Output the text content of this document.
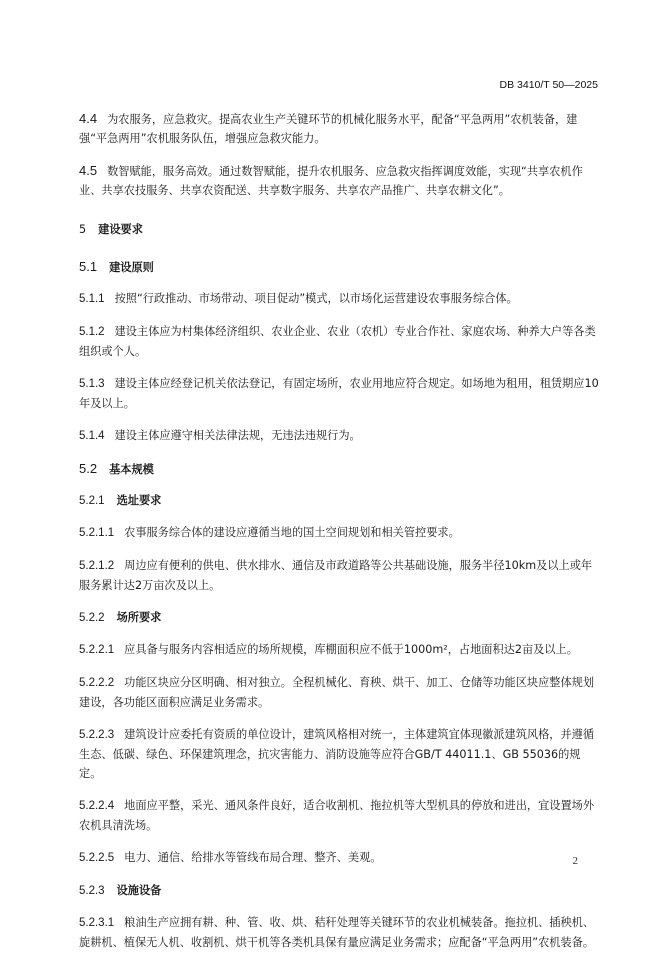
DB 3410/T 50—2025

4.4 为农服务，应急救灾。提高农业生产关键环节的机械化服务水平，配备“平急两用”农机装备，建强“平急两用”农机服务队伍，增强应急救灾能力。

4.5 数智赋能，服务高效。通过数智赋能，提升农机服务、应急救灾指挥调度效能，实现“共享农机作业、共享农技服务、共享农资配送、共享数字服务、共享农产品推广、共享农耕文化”。

5 建设要求

5.1 建设原则

5.1.1 按照“行政推动、市场带动、项目促动”模式，以市场化运营建设农事服务综合体。

5.1.2 建设主体应为村集体经济组织、农业企业、农业（农机）专业合作社、家庭农场、种养大户等各类组织或个人。

5.1.3 建设主体应经登记机关依法登记，有固定场所，农业用地应符合规定。如场地为租用，租赁期应10年及以上。

5.1.4 建设主体应遵守相关法律法规，无违法违规行为。

5.2 基本规模

5.2.1 选址要求

5.2.1.1 农事服务综合体的建设应遵循当地的国土空间规划和相关管控要求。

5.2.1.2 周边应有便利的供电、供水排水、通信及市政道路等公共基础设施，服务半径10km及以上或年服务累计达2万亩次及以上。

5.2.2 场所要求

5.2.2.1 应具备与服务内容相适应的场所规模，库棚面积应不低于1000m²，占地面积达2亩及以上。

5.2.2.2 功能区块应分区明确、相对独立。全程机械化、育秧、烘干、加工、仓储等功能区块应整体规划建设，各功能区面积应满足业务需求。

5.2.2.3 建筑设计应委托有资质的单位设计，建筑风格相对统一，主体建筑宜体现徽派建筑风格，并遵循生态、低碳、绿色、环保建筑理念，抗灾害能力、消防设施等应符合GB/T 44011.1、GB 55036的规定。

5.2.2.4 地面应平整，采光、通风条件良好，适合收割机、拖拉机等大型机具的停放和进出，宜设置场外农机具清洗场。

5.2.2.5 电力、通信、给排水等管线布局合理、整齐、美观。

5.2.3 设施设备

5.2.3.1 粮油生产应拥有耕、种、管、收、烘、秸秆处理等关键环节的农业机械装备。拖拉机、插秧机、旋耕机、植保无人机、收割机、烘干机等各类机具保有量应满足业务需求；应配备“平急两用”农机装备。

2
